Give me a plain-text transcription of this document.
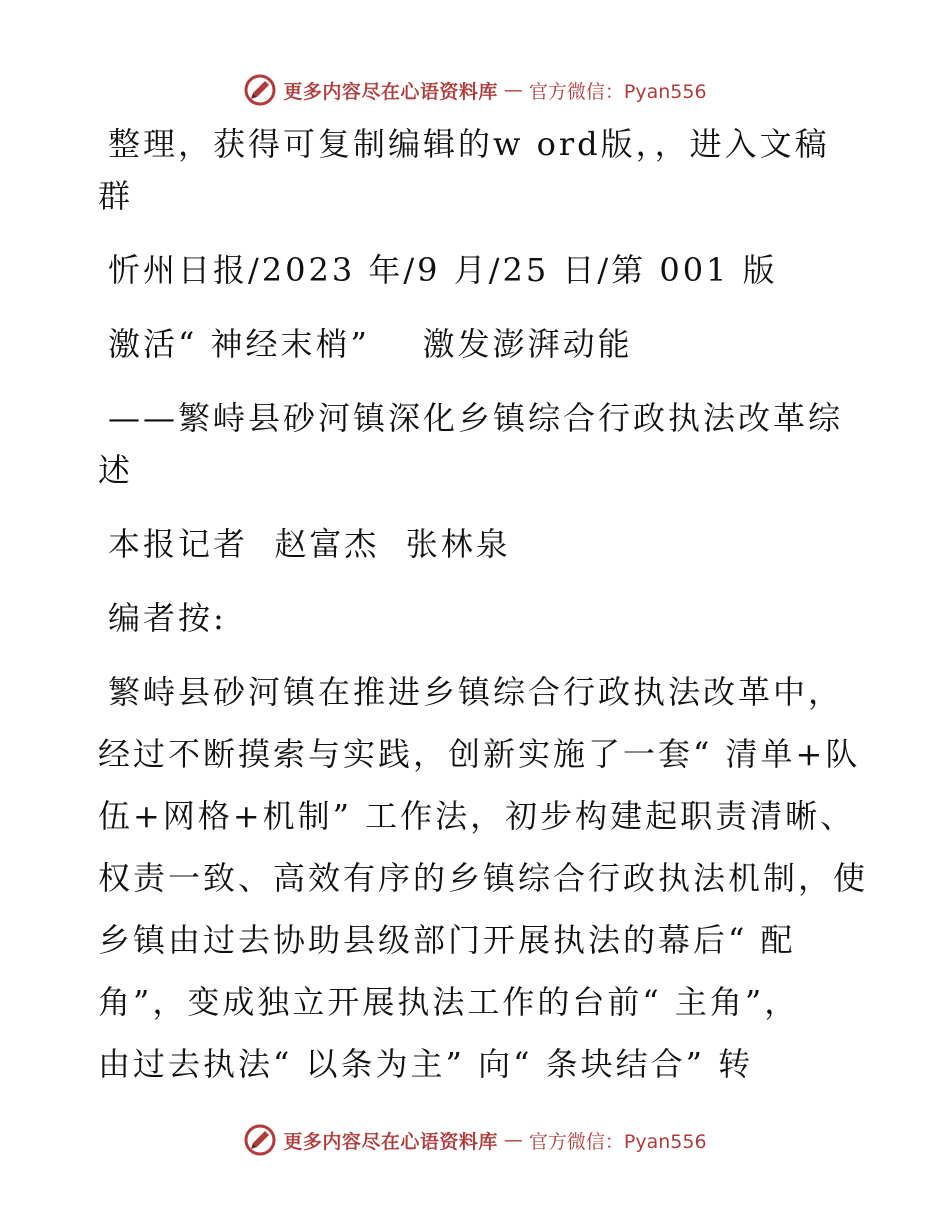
更多内容尽在心语资料库 — 官方微信：Pyan556
整理，获得可复制编辑的w ord版，，进入文稿
群
忻州日报/2023 年/9 月/25 日/第 001 版
激活“ 神经末梢”    激发澎湃动能
——繁峙县砂河镇深化乡镇综合行政执法改革综
述
本报记者  赵富杰  张林泉
编者按:
繁峙县砂河镇在推进乡镇综合行政执法改革中，
经过不断摸索与实践，创新实施了一套“ 清单+队
伍+网格+机制” 工作法，初步构建起职责清晰、
权责一致、高效有序的乡镇综合行政执法机制，使
乡镇由过去协助县级部门开展执法的幕后“ 配
角”，变成独立开展执法工作的台前“ 主角”，
由过去执法“ 以条为主” 向“ 条块结合” 转
更多内容尽在心语资料库 — 官方微信：Pyan556
